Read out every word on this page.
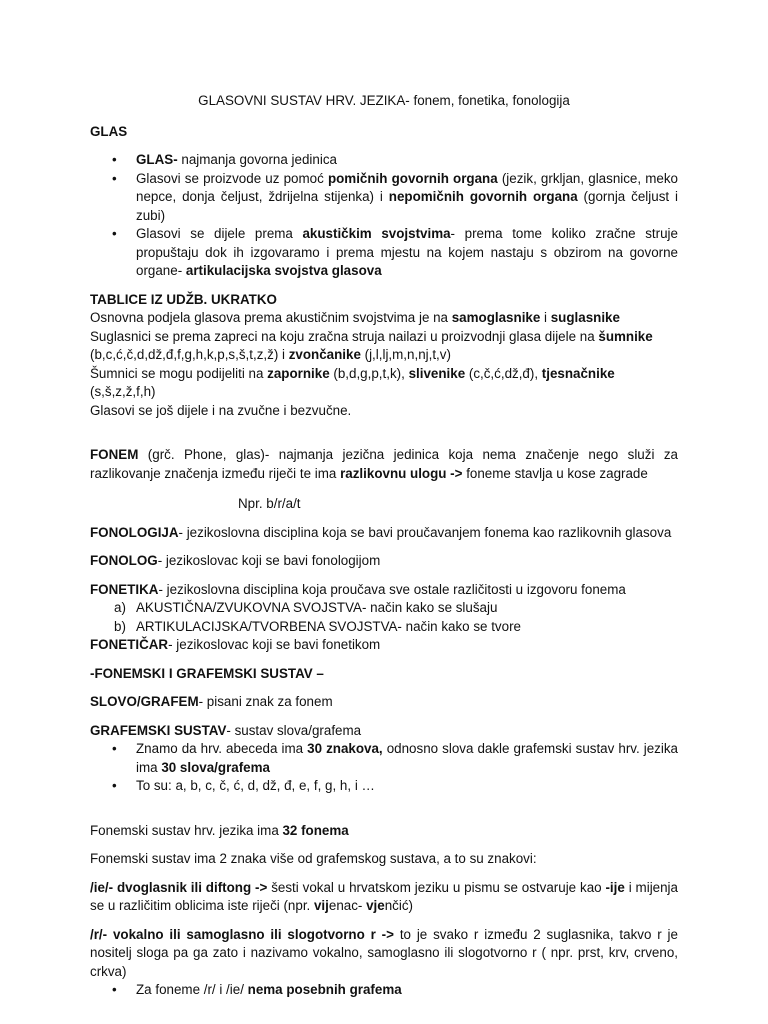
GLASOVNI SUSTAV HRV. JEZIKA- fonem, fonetika, fonologija

GLAS

• GLAS- najmanja govorna jedinica
• Glasovi se proizvode uz pomoć pomičnih govornih organa (jezik, grkljan, glasnice, meko nepce, donja čeljust, ždrijelna stijenka) i nepomičnih govornih organa (gornja čeljust i zubi)
• Glasovi se dijele prema akustičkim svojstvima- prema tome koliko zračne struje propuštaju dok ih izgovaramo i prema mjestu na kojem nastaju s obzirom na govorne organe- artikulacijska svojstva glasova

TABLICE IZ UDŽB. UKRATKO

Osnovna podjela glasova prema akustičnim svojstvima je na samoglasnike i suglasnike

Suglasnici se prema zapreci na koju zračna struja nailazi u proizvodnji glasa dijele na šumnike (b,c,ć,č,d,dž,đ,f,g,h,k,p,s,š,t,z,ž) i zvončanike (j,l,lj,m,n,nj,t,v)

Šumnici se mogu podijeliti na zapornike (b,d,g,p,t,k), slivenike (c,č,ć,dž,đ), tjesnačnike (s,š,z,ž,f,h)

Glasovi se još dijele i na zvučne i bezvučne.

FONEM (grč. Phone, glas)- najmanja jezična jedinica koja nema značenje nego služi za razlikovanje značenja između riječi te ima razlikovnu ulogu -> foneme stavlja u kose zagrade

Npr. b/r/a/t

FONOLOGIJA- jezikoslovna disciplina koja se bavi proučavanjem fonema kao razlikovnih glasova

FONOLOG- jezikoslovac koji se bavi fonologijom

FONETIKA- jezikoslovna disciplina koja proučava sve ostale različitosti u izgovoru fonema

a) AKUSTIČNA/ZVUKOVNA SVOJSTVA- način kako se slušaju
b) ARTIKULACIJSKA/TVORBENA SVOJSTVA- način kako se tvore

FONETIČAR- jezikoslovac koji se bavi fonetikom

-FONEMSKI I GRAFEMSKI SUSTAV –

SLOVO/GRAFEM- pisani znak za fonem

GRAFEMSKI SUSTAV- sustav slova/grafema

• Znamo da hrv. abeceda ima 30 znakova, odnosno slova dakle grafemski sustav hrv. jezika ima 30 slova/grafema
• To su: a, b, c, č, ć, d, dž, đ, e, f, g, h, i …

Fonemski sustav hrv. jezika ima 32 fonema

Fonemski sustav ima 2 znaka više od grafemskog sustava, a to su znakovi:

/ie/- dvoglasnik ili diftong -> šesti vokal u hrvatskom jeziku u pismu se ostvaruje kao -ije i mijenja se u različitim oblicima iste riječi (npr. vijenac- vjenčić)

/r/- vokalno ili samoglasno ili slogotvorno r -> to je svako r između 2 suglasnika, takvo r je nositelj sloga pa ga zato i nazivamo vokalno, samoglasno ili slogotvorno r ( npr. prst, krv, crveno, crkva)

• Za foneme /r/ i /ie/ nema posebnih grafema
